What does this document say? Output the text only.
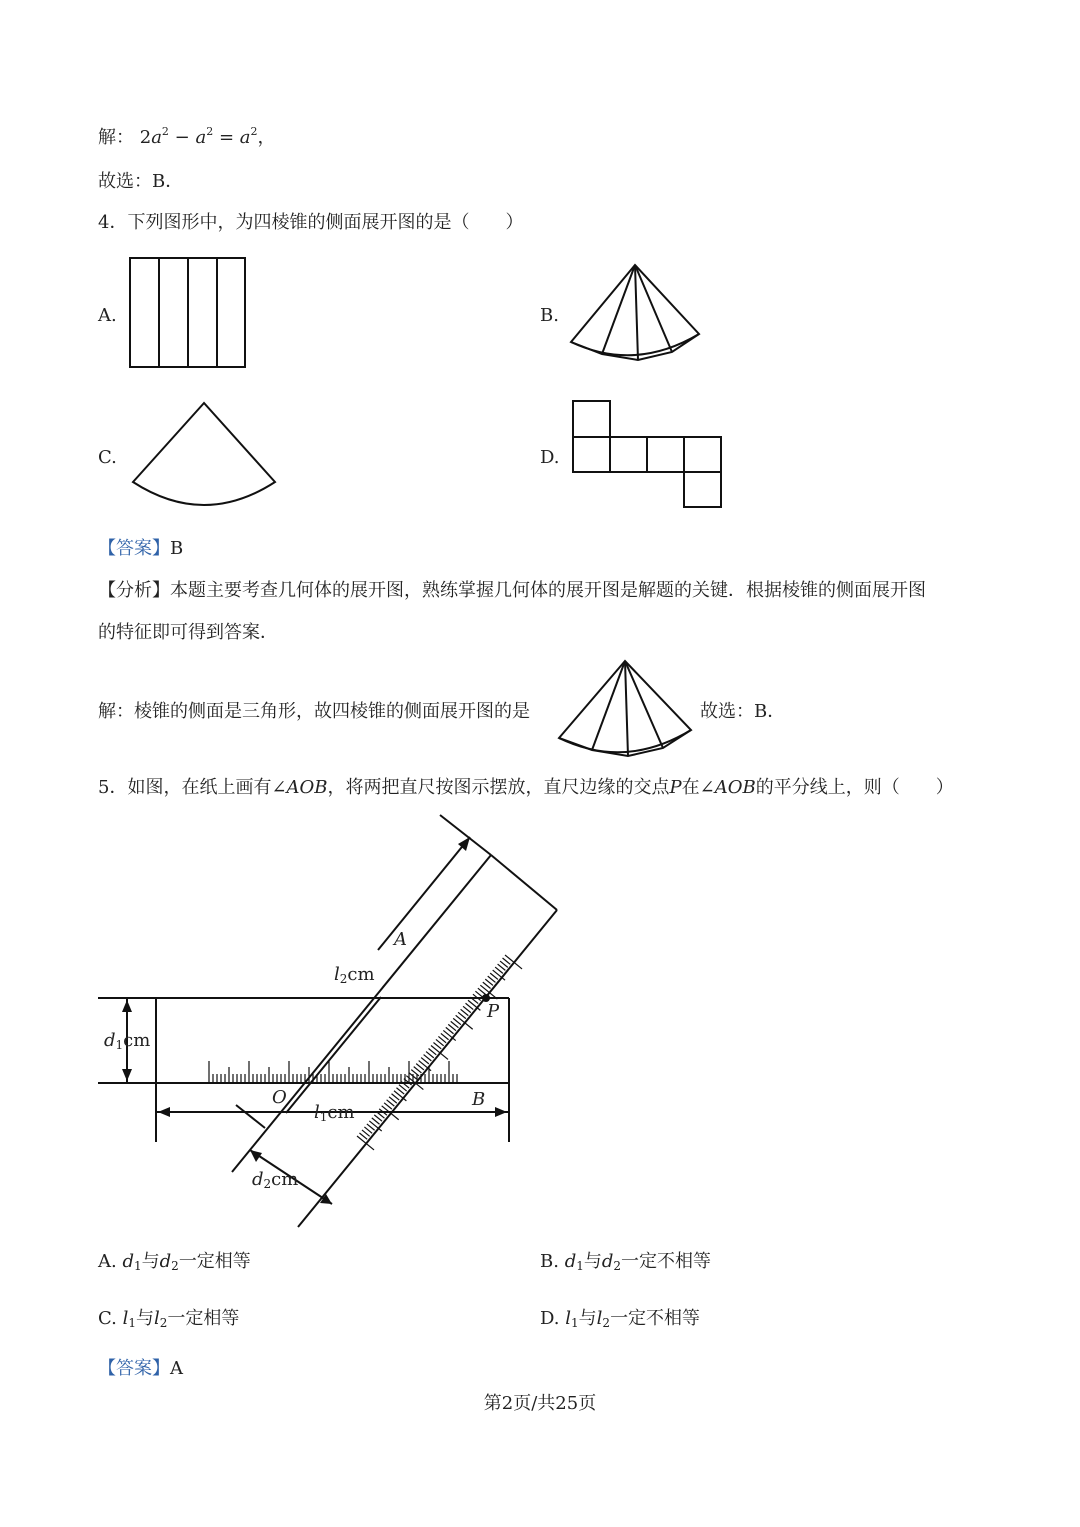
解： $2a^2 - a^2 = a^2$，
故选：B．
4．下列图形中，为四棱锥的侧面展开图的是（　　）
A.	B.
C.	D.
【答案】B
【分析】本题主要考查几何体的展开图，熟练掌握几何体的展开图是解题的关键．根据棱锥的侧面展开图
的特征即可得到答案．
解：棱锥的侧面是三角形，故四棱锥的侧面展开图的是	故选：B．
5．如图，在纸上画有∠AOB，将两把直尺按图示摆放，直尺边缘的交点P在∠AOB的平分线上，则（　　）
A
$l_2cm$
P
$d_1cm$
O	B
$l_1cm$
$d_2cm$
A. $d_1$与$d_2$一定相等	B. $d_1$与$d_2$一定不相等
C. $l_1$与$l_2$一定相等	D. $l_1$与$l_2$一定不相等
【答案】A
第2页/共25页
